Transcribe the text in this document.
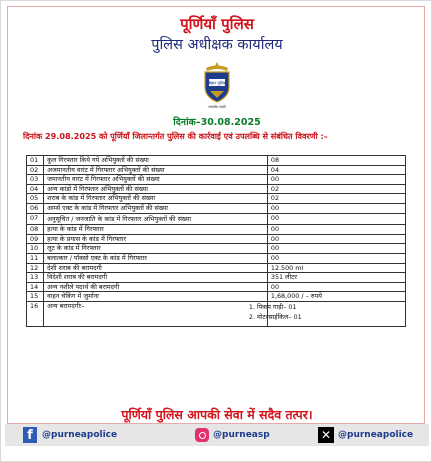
पूर्णियाँ पुलिस
पुलिस अधीक्षक कार्यालय
बिहार पुलिस
सत्यमेव जयते
दिनांक–30.08.2025
दिनांक 29.08.2025 को पूर्णियाँ जिलान्तर्गत पुलिस की कार्रवाई एवं उपलब्धि से संबंधित विवरणी :–
01	कुल गिरफ्तार किये गये अभियुक्तों की संख्या	08
02	अजमानतीय वारंट में गिरफ्तार अभियुक्तों की संख्या	04
03	जमानतीय वारंट में गिरफ्तार अभियुक्तों की संख्या	00
04	अन्य कांडो में गिरफ्तार अभियुक्तों की संख्या	02
05	शराब के कांड में गिरफ्तार अभियुक्तों की संख्या	02
06	आर्म्स एक्ट के कांड में गिरफ्तार अभियुक्तों की संख्या	00
07	अनुसूचित / जनजाति के कांड में गिरफ्तार अभियुक्तों की संख्या	00
08	हत्या के कांड में गिरफ्तार	00
09	हत्या के प्रयास के कांड में गिरफ्तार	00
10	लूट के कांड में गिरफ्तार	00
11	बलात्कार / पॉक्सो एक्ट के कांड में गिरफ्तार	00
12	देशी शराब की बरामदगी	12.500 ml
13	विदेशी शराब की बरामदगी	351 लीटर
14	अन्य नशीले पदार्थ की बरामदगी	00
15	वाहन चेकिंग में जुर्माना	1,68,000 / – रुपये
16	अन्य बरामदगीः–	1. पिकप गाड़ी– 01
2. मोटरसाईकिल– 01
पूर्णियाँ पुलिस आपकी सेवा में सदैव तत्पर।
f	@purneapolice	@purneasp	✕ @purneapolice
